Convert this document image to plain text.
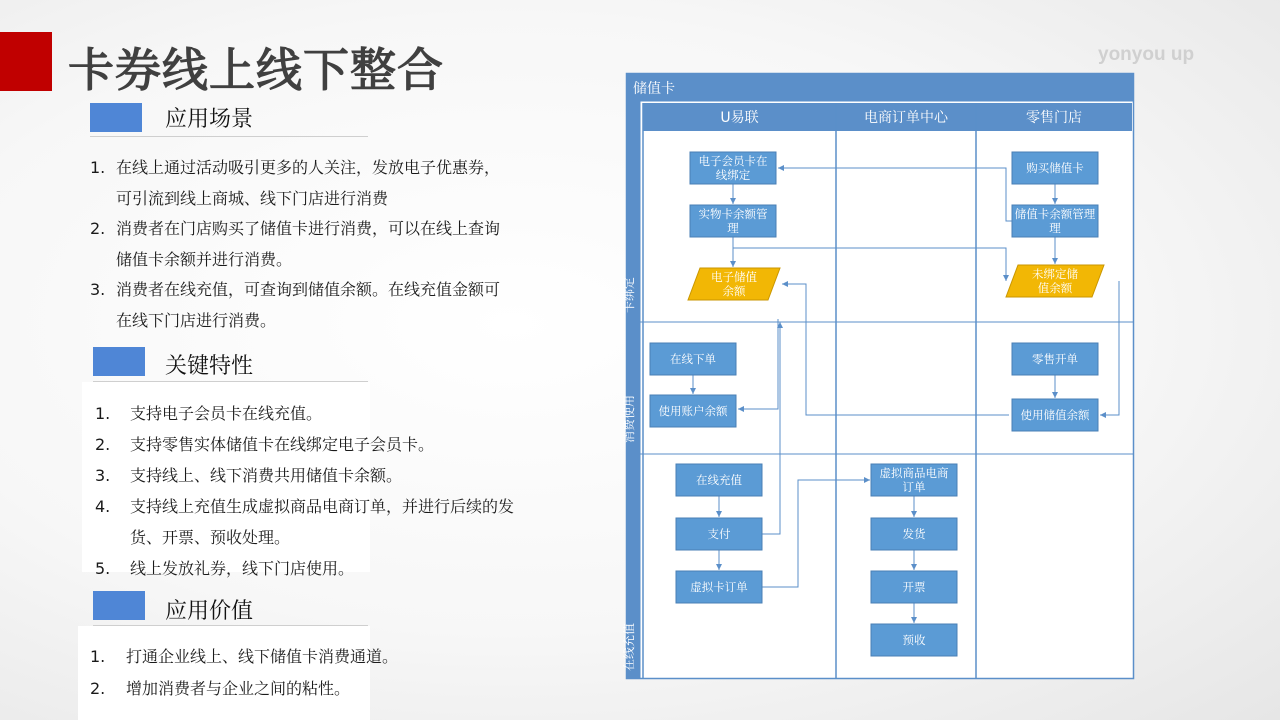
卡券线上线下整合	yonyou up
应用场景
1. 在线上通过活动吸引更多的人关注，发放电子优惠券，
可引流到线上商城、线下门店进行消费
2. 消费者在门店购买了储值卡进行消费，可以在线上查询
储值卡余额并进行消费。
3. 消费者在线充值，可查询到储值余额。在线充值金额可
在线下门店进行消费。
关键特性
1. 支持电子会员卡在线充值。
2. 支持零售实体储值卡在线绑定电子会员卡。
3. 支持线上、线下消费共用储值卡余额。
4. 支持线上充值生成虚拟商品电商订单，并进行后续的发
货、开票、预收处理。
5. 线上发放礼券，线下门店使用。
应用价值
1. 打通企业线上、线下储值卡消费通道。
2. 增加消费者与企业之间的粘性。
储值卡
U易联	电商订单中心	零售门店
卡绑定
消费使用
在线充值
电子会员卡在
线绑定
实物卡余额管
理
电子储值
余额
购买储值卡
储值卡余额管理
理
未绑定储
值余额
在线下单
使用账户余额
零售开单
使用储值余额
在线充值
支付
虚拟卡订单
虚拟商品电商
订单
发货
开票
预收
